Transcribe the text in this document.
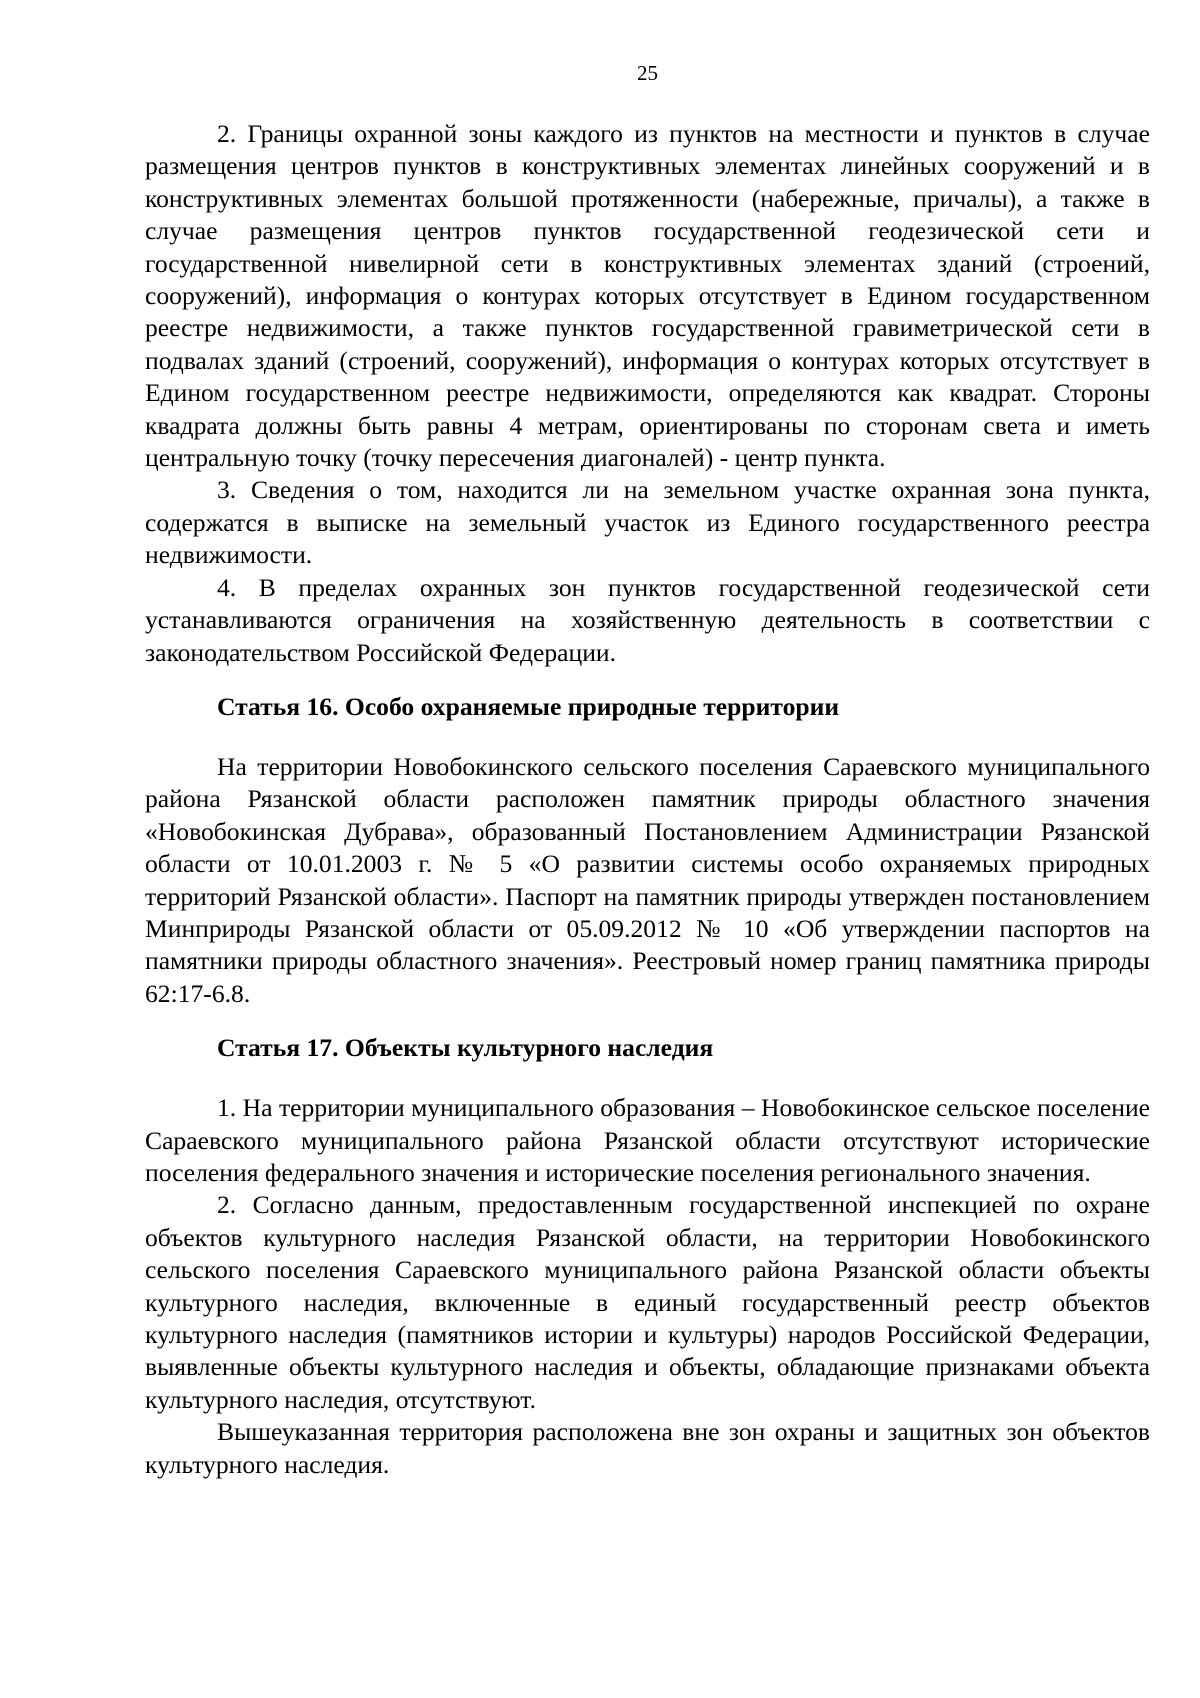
25

2. Границы охранной зоны каждого из пунктов на местности и пунктов в случае размещения центров пунктов в конструктивных элементах линейных сооружений и в конструктивных элементах большой протяженности (набережные, причалы), а также в случае размещения центров пунктов государственной геодезической сети и государственной нивелирной сети в конструктивных элементах зданий (строений, сооружений), информация о контурах которых отсутствует в Едином государственном реестре недвижимости, а также пунктов государственной гравиметрической сети в подвалах зданий (строений, сооружений), информация о контурах которых отсутствует в Едином государственном реестре недвижимости, определяются как квадрат. Стороны квадрата должны быть равны 4 метрам, ориентированы по сторонам света и иметь центральную точку (точку пересечения диагоналей) - центр пункта.

3. Сведения о том, находится ли на земельном участке охранная зона пункта, содержатся в выписке на земельный участок из Единого государственного реестра недвижимости.

4. В пределах охранных зон пунктов государственной геодезической сети устанавливаются ограничения на хозяйственную деятельность в соответствии с законодательством Российской Федерации.

Статья 16. Особо охраняемые природные территории

На территории Новобокинского сельского поселения Сараевского муниципального района Рязанской области расположен памятник природы областного значения «Новобокинская Дубрава», образованный Постановлением Администрации Рязанской области от 10.01.2003 г. № 5 «О развитии системы особо охраняемых природных территорий Рязанской области». Паспорт на памятник природы утвержден постановлением Минприроды Рязанской области от 05.09.2012 № 10 «Об утверждении паспортов на памятники природы областного значения». Реестровый номер границ памятника природы 62:17-6.8.

Статья 17. Объекты культурного наследия

1. На территории муниципального образования – Новобокинское сельское поселение Сараевского муниципального района Рязанской области отсутствуют исторические поселения федерального значения и исторические поселения регионального значения.

2. Согласно данным, предоставленным государственной инспекцией по охране объектов культурного наследия Рязанской области, на территории Новобокинского сельского поселения Сараевского муниципального района Рязанской области объекты культурного наследия, включенные в единый государственный реестр объектов культурного наследия (памятников истории и культуры) народов Российской Федерации, выявленные объекты культурного наследия и объекты, обладающие признаками объекта культурного наследия, отсутствуют.

Вышеуказанная территория расположена вне зон охраны и защитных зон объектов культурного наследия.
